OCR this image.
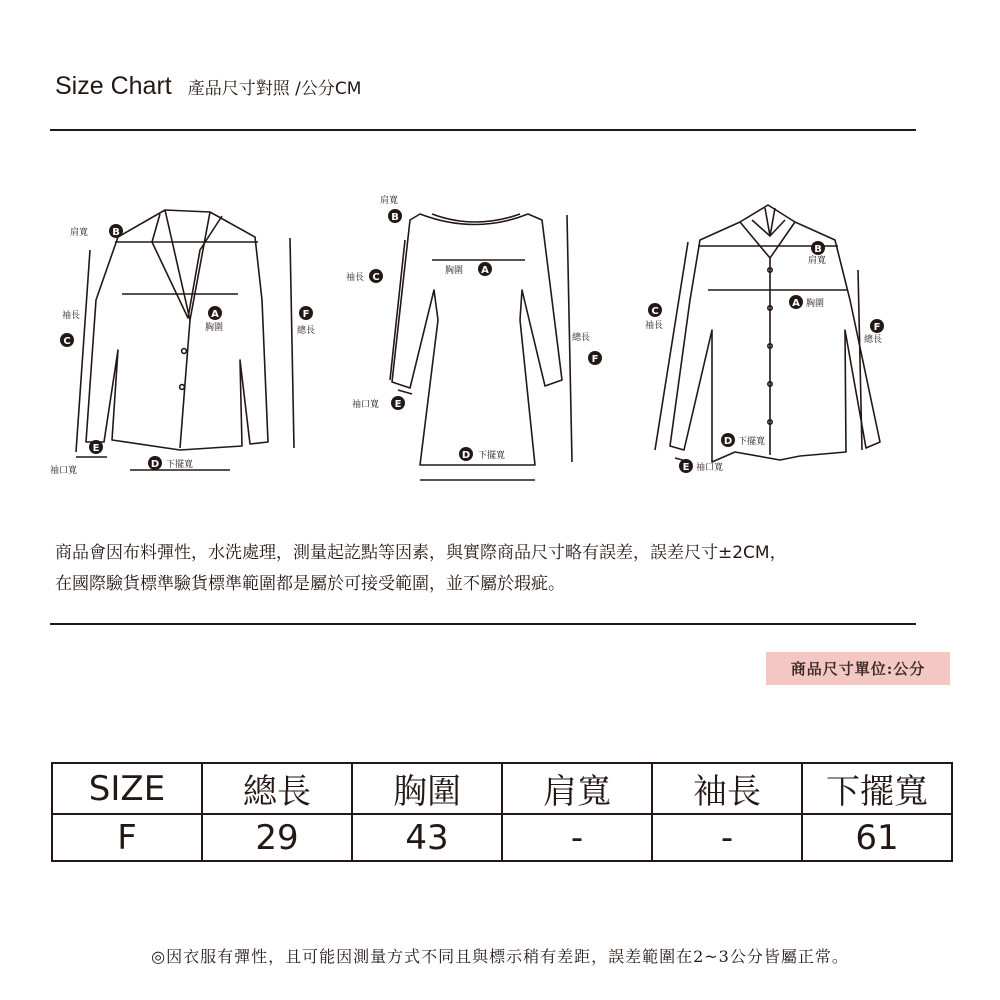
Size Chart 產品尺寸對照 /公分CM
肩寬
袖長
胸圍	總長
下擺寬
袖口寬
肩寬
胸圍
袖長
總長
袖口寬
下擺寬
肩寬
胸圍
袖長
總長
下擺寬
袖口寬
B
C
A	F
E
D
B
A
C
F
E
D
B
A
C
F
D
E

商品會因布料彈性，水洗處理，測量起訖點等因素，與實際商品尺寸略有誤差，誤差尺寸±2CM，

在國際驗貨標準驗貨標準範圍都是屬於可接受範圍，並不屬於瑕疵。

商品尺寸單位:公分
SIZE	總長	胸圍	肩寬	袖長	下擺寬
F	29	43	-	-	61
◎因衣服有彈性，且可能因測量方式不同且與標示稍有差距，誤差範圍在2~3公分皆屬正常。
